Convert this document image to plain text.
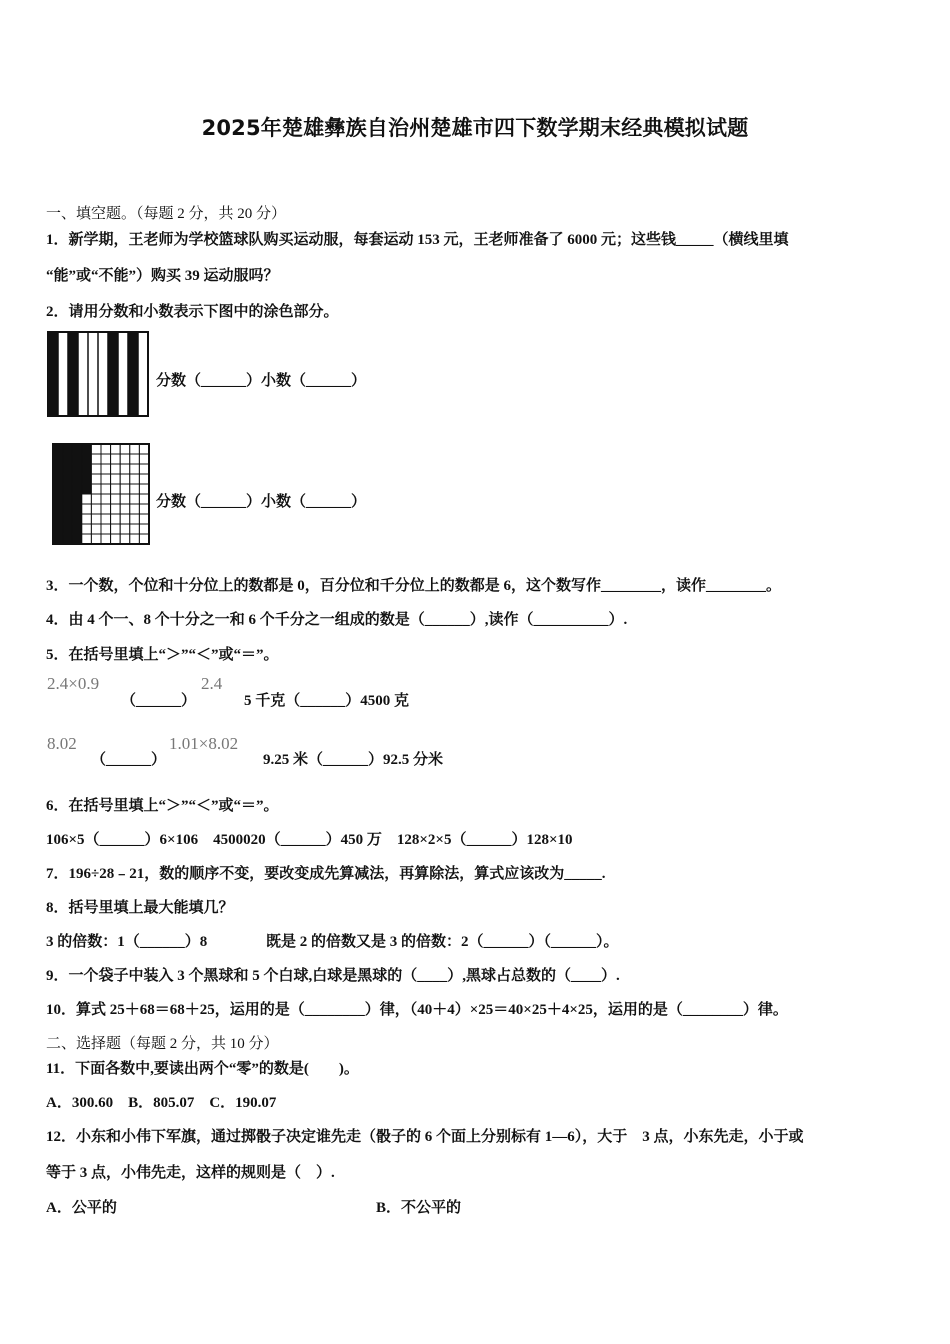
2025年楚雄彝族自治州楚雄市四下数学期末经典模拟试题
一、填空题。（每题 2 分，共 20 分）
1．新学期，王老师为学校篮球队购买运动服，每套运动 153 元，王老师准备了 6000 元；这些钱_____（横线里填
“能”或“不能”）购买 39 运动服吗？
2．请用分数和小数表示下图中的涂色部分。
分数（______）小数（______）
分数（______）小数（______）
3．一个数，个位和十分位上的数都是 0，百分位和千分位上的数都是 6，这个数写作________，读作________。
4．由 4 个一、8 个十分之一和 6 个千分之一组成的数是（______）,读作（__________）.
5．在括号里填上“＞”“＜”或“＝”。
2.4×0.9
（______）
2.4
5 千克（______）4500 克
8.02
（______）
1.01×8.02
9.25 米（______）92.5 分米
6．在括号里填上“＞”“＜”或“＝”。
106×5（______）6×106　4500020（______）450 万　128×2×5（______）128×10
7．196÷28﹣21，数的顺序不变，要改变成先算减法，再算除法，算式应该改为_____.
8．括号里填上最大能填几？
3 的倍数：1（______）8	既是 2 的倍数又是 3 的倍数：2（______）（______）。
9．一个袋子中装入 3 个黑球和 5 个白球,白球是黑球的（____）,黑球占总数的（____）.
10．算式 25＋68＝68＋25，运用的是（________）律，（40＋4）×25＝40×25＋4×25，运用的是（________）律。
二、选择题（每题 2 分，共 10 分）
11．下面各数中,要读出两个“零”的数是(　　)。
A．300.60　B．805.07　C．190.07
12．小东和小伟下军旗，通过掷骰子决定谁先走（骰子的 6 个面上分别标有 1—6），大于　3 点，小东先走，小于或
等于 3 点，小伟先走，这样的规则是（　）.
A．公平的	B．不公平的
